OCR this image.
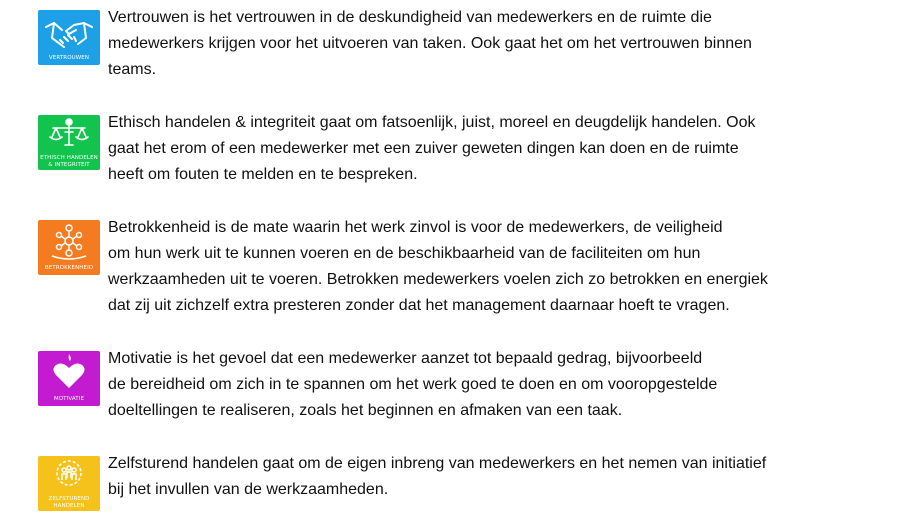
VERTROUWEN

Vertrouwen is het vertrouwen in de deskundigheid van medewerkers en de ruimte die
medewerkers krijgen voor het uitvoeren van taken. Ook gaat het om het vertrouwen binnen
teams.

ETHISCH HANDELEN & INTEGRITEIT

Ethisch handelen & integriteit gaat om fatsoenlijk, juist, moreel en deugdelijk handelen. Ook
gaat het erom of een medewerker met een zuiver geweten dingen kan doen en de ruimte
heeft om fouten te melden en te bespreken.

BETROKKENHEID

Betrokkenheid is de mate waarin het werk zinvol is voor de medewerkers, de veiligheid
om hun werk uit te kunnen voeren en de beschikbaarheid van de faciliteiten om hun
werkzaamheden uit te voeren. Betrokken medewerkers voelen zich zo betrokken en energiek
dat zij uit zichzelf extra presteren zonder dat het management daarnaar hoeft te vragen.

MOTIVATIE

Motivatie is het gevoel dat een medewerker aanzet tot bepaald gedrag, bijvoorbeeld
de bereidheid om zich in te spannen om het werk goed te doen en om vooropgestelde
doeltellingen te realiseren, zoals het beginnen en afmaken van een taak.

ZELFSTUREND HANDELEN

Zelfsturend handelen gaat om de eigen inbreng van medewerkers en het nemen van initiatief
bij het invullen van de werkzaamheden.
